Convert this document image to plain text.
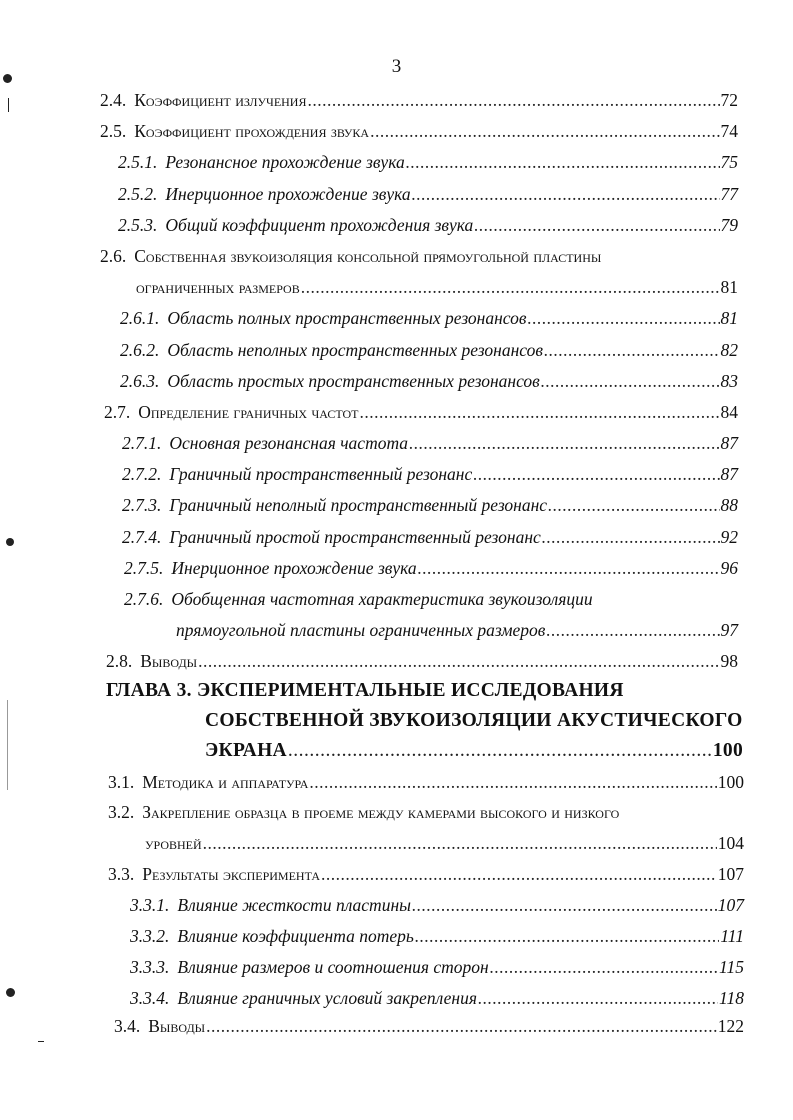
3
2.4. Коэффициент излучения .....	72
2.5. Коэффициент прохождения звука .....	74
2.5.1. Резонансное прохождение звука .....	75
2.5.2. Инерционное прохождение звука .....	77
2.5.3. Общий коэффициент прохождения звука .....	79
2.6. Собственная звукоизоляция консольной прямоугольной пластины
ограниченных размеров .....	81
2.6.1. Область полных пространственных резонансов .....	81
2.6.2. Область неполных пространственных резонансов .....	82
2.6.3. Область простых пространственных резонансов .....	83
2.7. Определение граничных частот .....	84
2.7.1. Основная резонансная частота .....	87
2.7.2. Граничный пространственный резонанс .....	87
2.7.3. Граничный неполный пространственный резонанс .....	88
2.7.4. Граничный простой пространственный резонанс .....	92
2.7.5. Инерционное прохождение звука .....	96
2.7.6. Обобщенная частотная характеристика звукоизоляции
прямоугольной пластины ограниченных размеров .....	97
2.8. Выводы .....	98
ГЛАВА 3. ЭКСПЕРИМЕНТАЛЬНЫЕ ИССЛЕДОВАНИЯ
СОБСТВЕННОЙ ЗВУКОИЗОЛЯЦИИ АКУСТИЧЕСКОГО
ЭКРАНА .....	100
3.1. Методика и аппаратура .....	100
3.2. Закрепление образца в проеме между камерами высокого и низкого
уровней .....	104
3.3. Результаты эксперимента .....	107
3.3.1. Влияние жесткости пластины .....	107
3.3.2. Влияние коэффициента потерь .....	111
3.3.3. Влияние размеров и соотношения сторон .....	115
3.3.4. Влияние граничных условий закрепления .....	118
3.4. Выводы .....	122
